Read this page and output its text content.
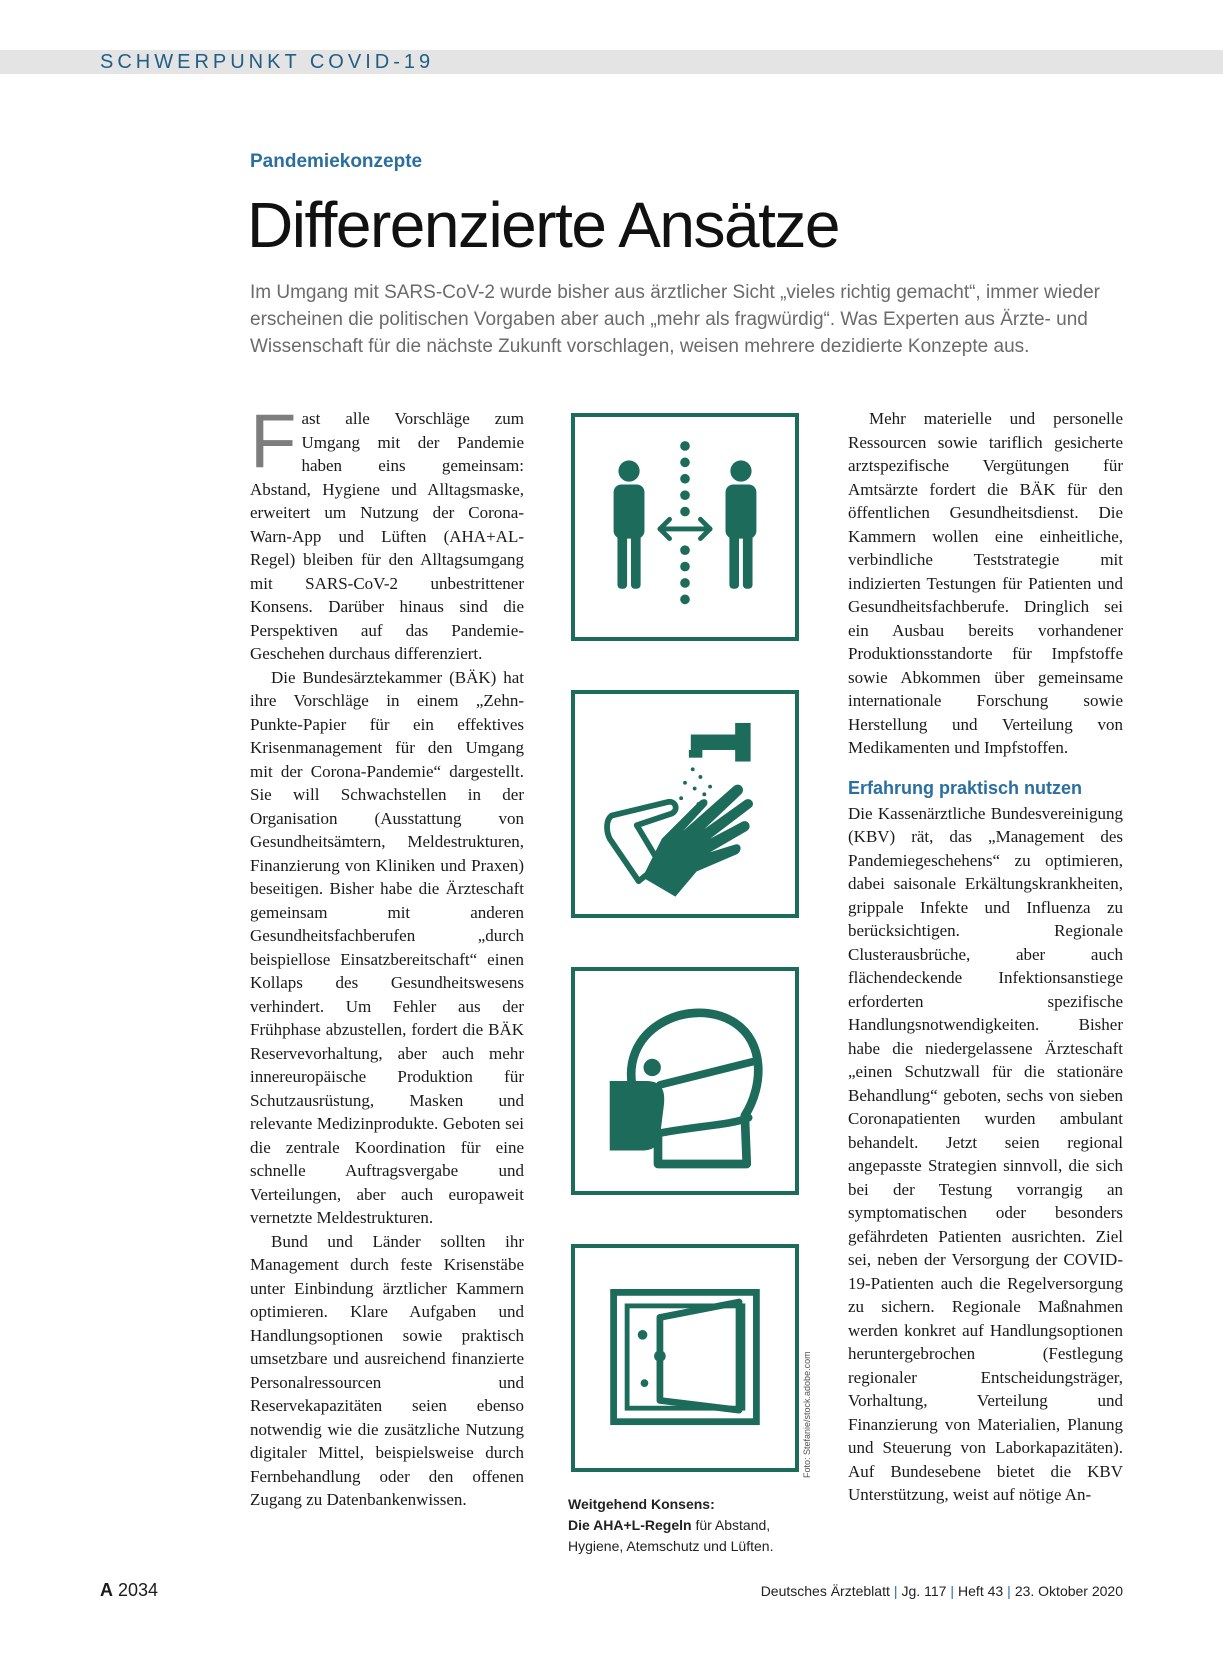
SCHWERPUNKT COVID-19
Pandemiekonzepte
Differenzierte Ansätze
Im Umgang mit SARS-CoV-2 wurde bisher aus ärztlicher Sicht „vieles richtig gemacht“, immer wieder erscheinen die politischen Vorgaben aber auch „mehr als fragwürdig“. Was Experten aus Ärzte- und Wissenschaft für die nächste Zukunft vorschlagen, weisen mehrere dezidierte Konzepte aus.

Fast alle Vorschläge zum Umgang mit der Pandemie haben eins gemeinsam: Abstand, Hygiene und Alltagsmaske, erweitert um Nutzung der Corona-Warn-App und Lüften (AHA+AL-Regel) bleiben für den Alltagsumgang mit SARS-CoV-2 unbestrittener Konsens. Darüber hinaus sind die Perspektiven auf das Pandemie-Geschehen durchaus differenziert.

Die Bundesärztekammer (BÄK) hat ihre Vorschläge in einem „Zehn-Punkte-Papier für ein effektives Krisenmanagement für den Umgang mit der Corona-Pandemie“ dargestellt. Sie will Schwachstellen in der Organisation (Ausstattung von Gesundheitsämtern, Meldestrukturen, Finanzierung von Kliniken und Praxen) beseitigen. Bisher habe die Ärzteschaft gemeinsam mit anderen Gesundheitsfachberufen „durch beispiellose Einsatzbereitschaft“ einen Kollaps des Gesundheitswesens verhindert. Um Fehler aus der Frühphase abzustellen, fordert die BÄK Reservevorhaltung, aber auch mehr innereuropäische Produktion für Schutzausrüstung, Masken und relevante Medizinprodukte. Geboten sei die zentrale Koordination für eine schnelle Auftragsvergabe und Verteilungen, aber auch europaweit vernetzte Meldestrukturen.

Bund und Länder sollten ihr Management durch feste Krisenstäbe unter Einbindung ärztlicher Kammern optimieren. Klare Aufgaben und Handlungsoptionen sowie praktisch umsetzbare und ausreichend finanzierte Personalressourcen und Reservekapazitäten seien ebenso notwendig wie die zusätzliche Nutzung digitaler Mittel, beispielsweise durch Fernbehandlung oder den offenen Zugang zu Datenbankenwissen.

Foto: Stefanie/stock.adobe.com
Weitgehend Konsens:
Die AHA+L-Regeln für Abstand, Hygiene, Atemschutz und Lüften.

Mehr materielle und personelle Ressourcen sowie tariflich gesicherte arztspezifische Vergütungen für Amtsärzte fordert die BÄK für den öffentlichen Gesundheitsdienst. Die Kammern wollen eine einheitliche, verbindliche Teststrategie mit indizierten Testungen für Patienten und Gesundheitsfachberufe. Dringlich sei ein Ausbau bereits vorhandener Produktionsstandorte für Impfstoffe sowie Abkommen über gemeinsame internationale Forschung sowie Herstellung und Verteilung von Medikamenten und Impfstoffen.

Erfahrung praktisch nutzen

Die Kassenärztliche Bundesvereinigung (KBV) rät, das „Management des Pandemiegeschehens“ zu optimieren, dabei saisonale Erkältungskrankheiten, grippale Infekte und Influenza zu berücksichtigen. Regionale Clusterausbrüche, aber auch flächendeckende Infektionsanstiege erforderten spezifische Handlungsnotwendigkeiten. Bisher habe die niedergelassene Ärzteschaft „einen Schutzwall für die stationäre Behandlung“ geboten, sechs von sieben Coronapatienten wurden ambulant behandelt. Jetzt seien regional angepasste Strategien sinnvoll, die sich bei der Testung vorrangig an symptomatischen oder besonders gefährdeten Patienten ausrichten. Ziel sei, neben der Versorgung der COVID-19-Patienten auch die Regelversorgung zu sichern. Regionale Maßnahmen werden konkret auf Handlungsoptionen heruntergebrochen (Festlegung regionaler Entscheidungsträger, Vorhaltung, Verteilung und Finanzierung von Materialien, Planung und Steuerung von Laborkapazitäten). Auf Bundesebene bietet die KBV Unterstützung, weist auf nötige An-

A 2034	Deutsches Ärzteblatt | Jg. 117 | Heft 43 | 23. Oktober 2020
